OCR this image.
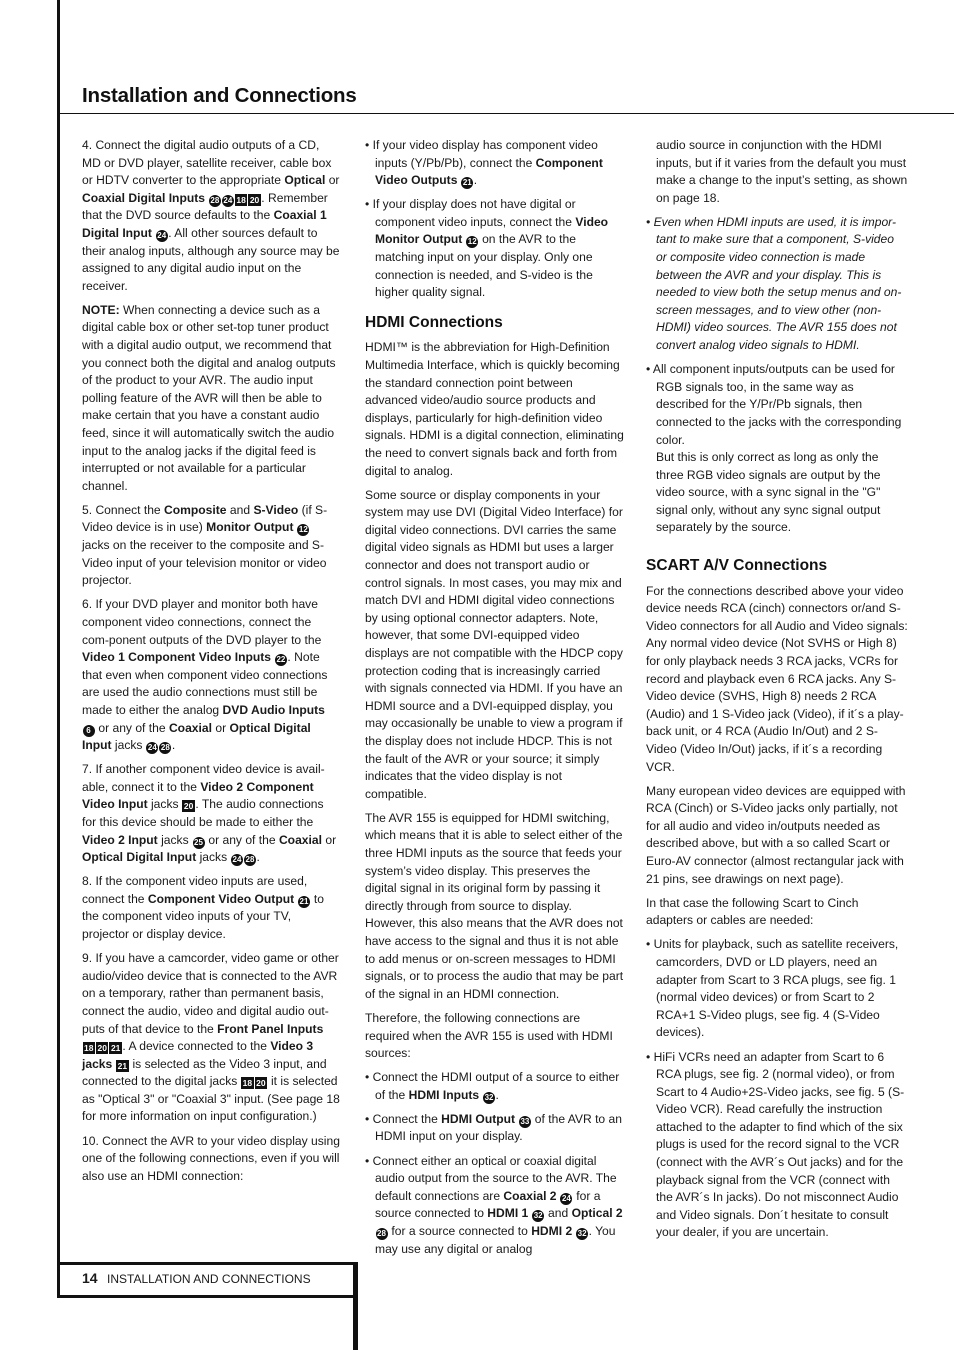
Installation and Connections

4. Connect the digital audio outputs of a CD, MD or DVD player, satellite receiver, cable box or HDTV converter to the appropriate Optical or Coaxial Digital Inputs 28 24 18 20 . Remember that the DVD source defaults to the Coaxial 1 Digital Input 24 . All other sources default to their analog inputs, although any source may be assigned to any digital audio input on the receiver.

NOTE: When connecting a device such as a digital cable box or other set-top tuner product with a digital audio output, we recommend that you connect both the digital and analog outputs of the product to your AVR. The audio input polling feature of the AVR will then be able to make certain that you have a constant audio feed, since it will automatically switch the audio input to the analog jacks if the digital feed is interrupted or not available for a particular channel.

5. Connect the Composite and S-Video (if S-Video device is in use) Monitor Output 12 jacks on the receiver to the composite and S-Video input of your television monitor or video projector.

6. If your DVD player and monitor both have component video connections, connect the com-ponent outputs of the DVD player to the Video 1 Component Video Inputs 22 . Note that even when component video connections are used the audio connections must still be made to either the analog DVD Audio Inputs 6 or any of the Coaxial or Optical Digital Input jacks 24 28 .

7. If another component video device is avail-able, connect it to the Video 2 Component Video Input jacks 20 . The audio connections for this device should be made to either the Video 2 Input jacks 25 or any of the Coaxial or Optical Digital Input jacks 24 28 .

8. If the component video inputs are used, connect the Component Video Output 21 to the component video inputs of your TV, projector or display device.

9. If you have a camcorder, video game or other audio/video device that is connected to the AVR on a temporary, rather than permanent basis, connect the audio, video and digital audio out-puts of that device to the Front Panel Inputs 18 20 21 . A device connected to the Video 3 jacks 21 is selected as the Video 3 input, and connected to the digital jacks 18 20 it is selected as "Optical 3" or "Coaxial 3" input. (See page 18 for more information on input configuration.)

10. Connect the AVR to your video display using one of the following connections, even if you will also use an HDMI connection:

• If your video display has component video inputs (Y/Pb/Pb), connect the Component Video Outputs 21 .

• If your display does not have digital or component video inputs, connect the Video Monitor Output 12 on the AVR to the matching input on your display. Only one connection is needed, and S-video is the higher quality signal.

HDMI Connections

HDMI™ is the abbreviation for High-Definition Multimedia Interface, which is quickly becoming the standard connection point between advanced video/audio source products and displays, particularly for high-definition video signals. HDMI is a digital connection, eliminating the need to convert signals back and forth from digital to analog.

Some source or display components in your system may use DVI (Digital Video Interface) for digital video connections. DVI carries the same digital video signals as HDMI but uses a larger connector and does not transport audio or control signals. In most cases, you may mix and match DVI and HDMI digital video connections by using optional connector adapters. Note, however, that some DVI-equipped video displays are not compatible with the HDCP copy protection coding that is increasingly carried with signals connected via HDMI. If you have an HDMI source and a DVI-equipped display, you may occasionally be unable to view a program if the display does not include HDCP. This is not the fault of the AVR or your source; it simply indicates that the video display is not compatible.

The AVR 155 is equipped for HDMI switching, which means that it is able to select either of the three HDMI inputs as the source that feeds your system’s video display. This preserves the digital signal in its original form by passing it directly through from source to display. However, this also means that the AVR does not have access to the signal and thus it is not able to add menus or on-screen messages to HDMI signals, or to process the audio that may be part of the signal in an HDMI connection.

Therefore, the following connections are required when the AVR 155 is used with HDMI sources:

• Connect the HDMI output of a source to either of the HDMI Inputs 32 .

• Connect the HDMI Output 33 of the AVR to an HDMI input on your display.

• Connect either an optical or coaxial digital audio output from the source to the AVR. The default connections are Coaxial 2 24 for a source connected to HDMI 1 32 and Optical 2 28 for a source connected to HDMI 2 32 . You may use any digital or analog

audio source in conjunction with the HDMI inputs, but if it varies from the default you must make a change to the input’s setting, as shown on page 18.

• Even when HDMI inputs are used, it is impor-tant to make sure that a component, S-video or composite video connection is made between the AVR and your display. This is needed to view both the setup menus and on-screen messages, and to view other (non-HDMI) video sources. The AVR 155 does not convert analog video signals to HDMI.

• All component inputs/outputs can be used for RGB signals too, in the same way as described for the Y/Pr/Pb signals, then connected to the jacks with the corresponding color.

But this is only correct as long as only the three RGB video signals are output by the video source, with a sync signal in the "G" signal only, without any sync signal output separately by the source.

SCART A/V Connections

For the connections described above your video device needs RCA (cinch) connectors or/and S-Video connectors for all Audio and Video signals: Any normal video device (Not SVHS or High 8) for only playback needs 3 RCA jacks, VCRs for record and playback even 6 RCA jacks. Any S-Video device (SVHS, High 8) needs 2 RCA (Audio) and 1 S-Video jack (Video), if it´s a play-back unit, or 4 RCA (Audio In/Out) and 2 S-Video (Video In/Out) jacks, if it´s a recording VCR.

Many european video devices are equipped with RCA (Cinch) or S-Video jacks only partially, not for all audio and video in/outputs needed as described above, but with a so called Scart or Euro-AV connector (almost rectangular jack with 21 pins, see drawings on next page).

In that case the following Scart to Cinch adapters or cables are needed:

• Units for playback, such as satellite receivers, camcorders, DVD or LD players, need an adapter from Scart to 3 RCA plugs, see fig. 1 (normal video devices) or from Scart to 2 RCA+1 S-Video plugs, see fig. 4 (S-Video devices).

• HiFi VCRs need an adapter from Scart to 6 RCA plugs, see fig. 2 (normal video), or from Scart to 4 Audio+2S-Video jacks, see fig. 5 (S-Video VCR). Read carefully the instruction attached to the adapter to find which of the six plugs is used for the record signal to the VCR (connect with the AVR´s Out jacks) and for the playback signal from the VCR (connect with the AVR´s In jacks). Do not misconnect Audio and Video signals. Don´t hesitate to consult your dealer, if you are uncertain.

14 INSTALLATION AND CONNECTIONS
